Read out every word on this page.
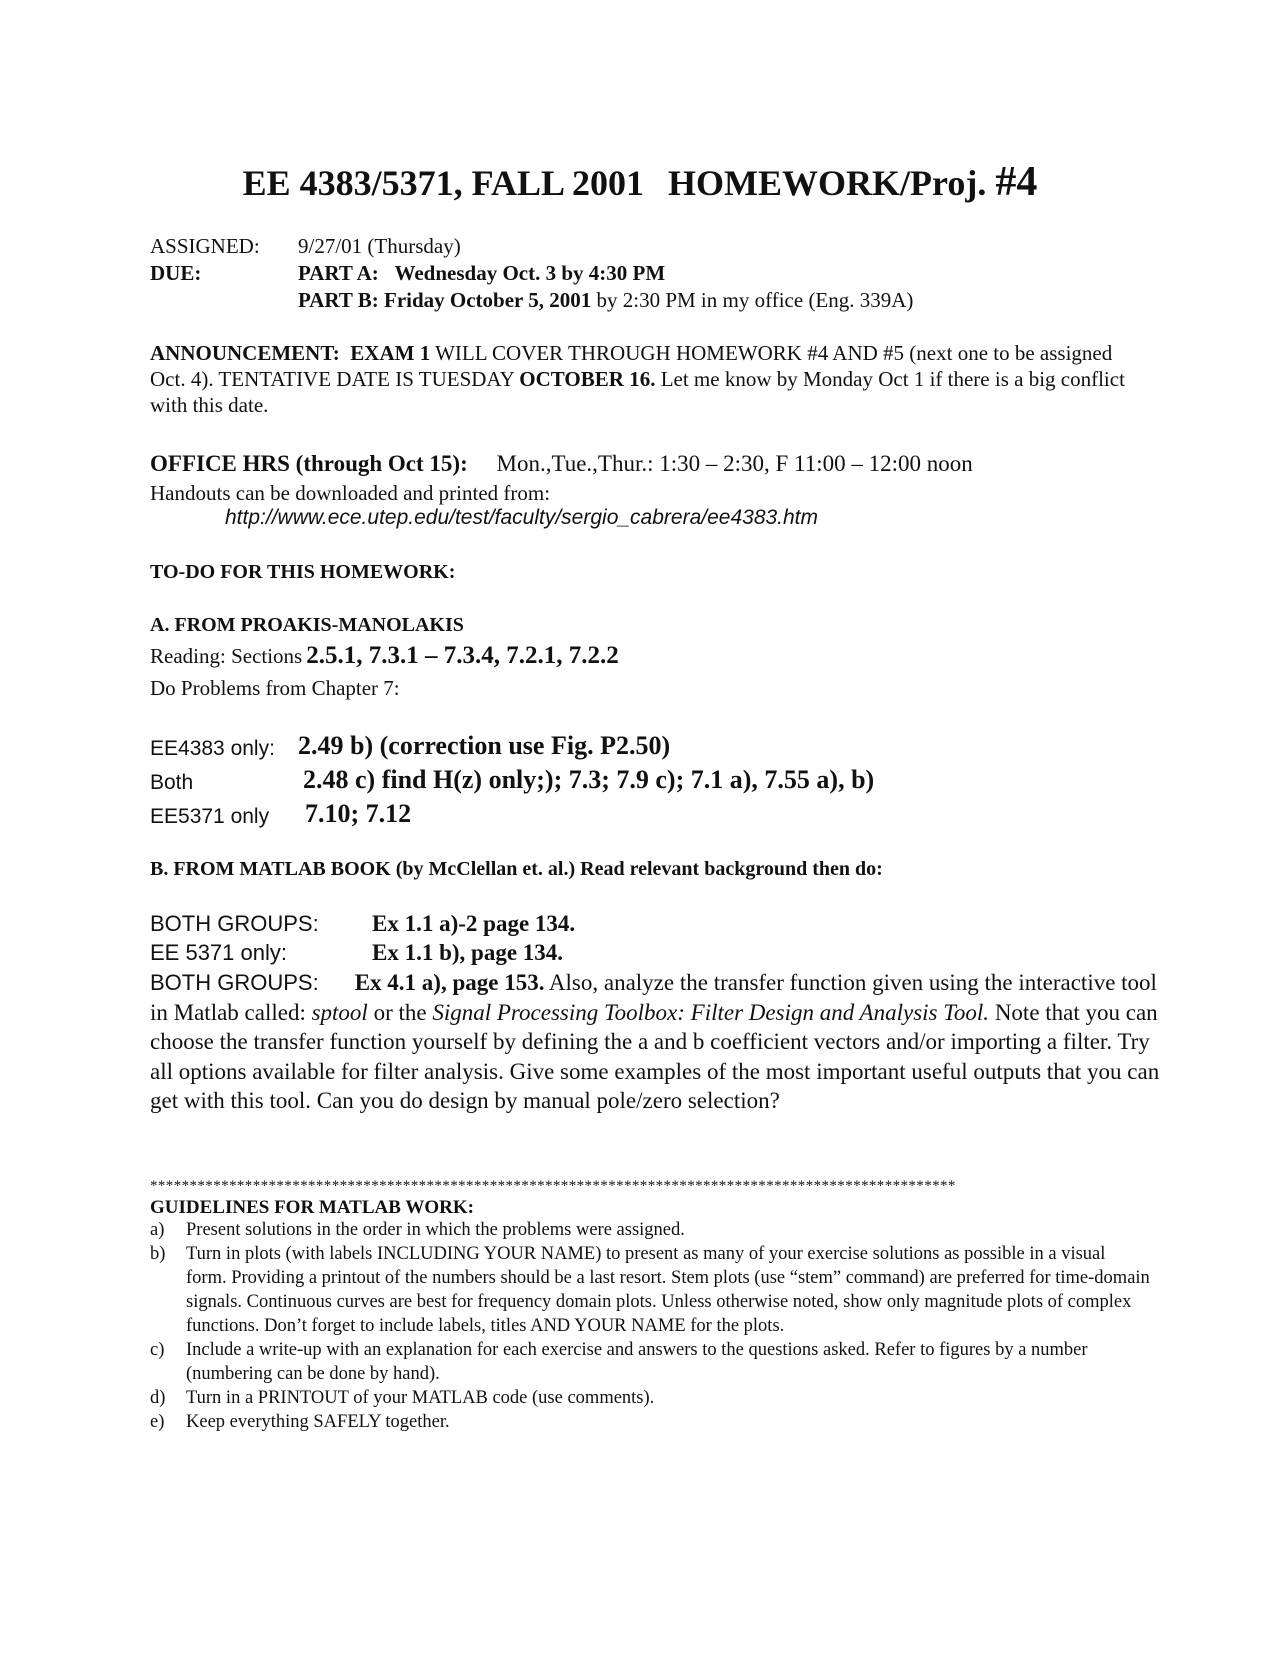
EE 4383/5371, FALL 2001 HOMEWORK/Proj. #4
ASSIGNED: 9/27/01 (Thursday)
DUE:	PART A: Wednesday Oct. 3 by 4:30 PM
PART B: Friday October 5, 2001 by 2:30 PM in my office (Eng. 339A)
ANNOUNCEMENT: EXAM 1 WILL COVER THROUGH HOMEWORK #4 AND #5 (next one to be assigned Oct. 4). TENTATIVE DATE IS TUESDAY OCTOBER 16. Let me know by Monday Oct 1 if there is a big conflict with this date.
OFFICE HRS (through Oct 15): Mon.,Tue.,Thur.: 1:30 – 2:30, F 11:00 – 12:00 noon
Handouts can be downloaded and printed from:
http://www.ece.utep.edu/test/faculty/sergio_cabrera/ee4383.htm
TO-DO FOR THIS HOMEWORK:
A. FROM PROAKIS-MANOLAKIS
Reading: Sections 2.5.1, 7.3.1 – 7.3.4, 7.2.1, 7.2.2
Do Problems from Chapter 7:
EE4383 only: 2.49 b) (correction use Fig. P2.50)
Both	2.48 c) find H(z) only;); 7.3; 7.9 c); 7.1 a), 7.55 a), b)
EE5371 only 7.10; 7.12
B. FROM MATLAB BOOK (by McClellan et. al.) Read relevant background then do:
BOTH GROUPS: Ex 1.1 a)-2 page 134.
EE 5371 only:	Ex 1.1 b), page 134.
BOTH GROUPS: Ex 4.1 a), page 153. Also, analyze the transfer function given using the interactive tool in Matlab called: sptool or the Signal Processing Toolbox: Filter Design and Analysis Tool. Note that you can choose the transfer function yourself by defining the a and b coefficient vectors and/or importing a filter. Try all options available for filter analysis. Give some examples of the most important useful outputs that you can get with this tool. Can you do design by manual pole/zero selection?
******************************************************************************************************
GUIDELINES FOR MATLAB WORK:
a) Present solutions in the order in which the problems were assigned.
b) Turn in plots (with labels INCLUDING YOUR NAME) to present as many of your exercise solutions as possible in a visual form. Providing a printout of the numbers should be a last resort. Stem plots (use “stem” command) are preferred for time-domain signals. Continuous curves are best for frequency domain plots. Unless otherwise noted, show only magnitude plots of complex functions. Don’t forget to include labels, titles AND YOUR NAME for the plots.
c) Include a write-up with an explanation for each exercise and answers to the questions asked. Refer to figures by a number (numbering can be done by hand).
d) Turn in a PRINTOUT of your MATLAB code (use comments).
e) Keep everything SAFELY together.
